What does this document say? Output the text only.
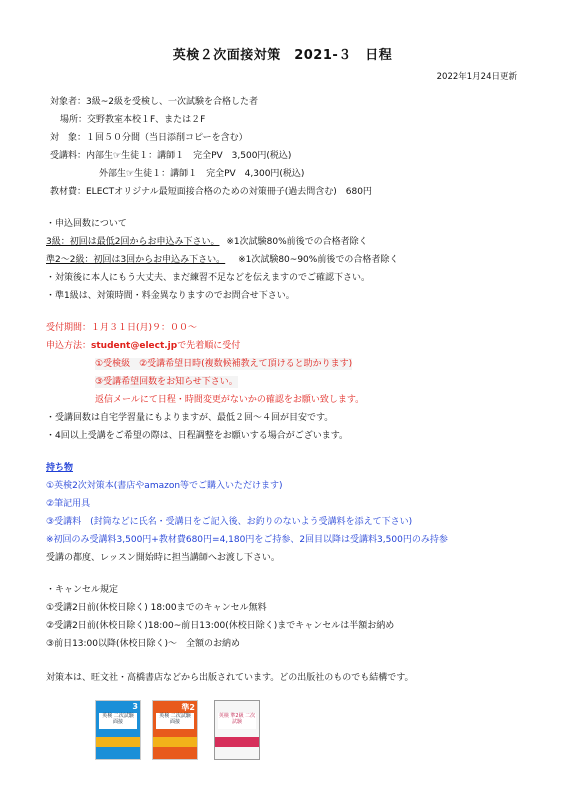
英検２次面接対策　2021-３　日程
2022年1月24日更新
対象者：3級~2級を受検し、一次試験を合格した者
場所：交野教室本校１F、または２F
対　象：１回５０分間（当日添削コピーを含む）
受講料：内部生☞生徒１：講師１　完全PV　3,500円(税込)
外部生☞生徒１：講師１　完全PV　4,300円(税込)
教材費：ELECTオリジナル最短面接合格のための対策冊子(過去問含む)　680円
・申込回数について
3級：初回は最低2回からお申込み下さい。 ※1次試験80%前後での合格者除く
準2～2級：初回は3回からお申込み下さい。 ※1次試験80~90%前後での合格者除く
・対策後に本人にもう大丈夫、まだ練習不足などを伝えますのでご確認下さい。
・準1級は、対策時間・料金異なりますのでお問合せ下さい。
受付期間：１月３１日(月)９：００～
申込方法：student@elect.jpで先着順に受付
①受検級　②受講希望日時(複数候補教えて頂けると助かります)
③受講希望回数をお知らせ下さい。
返信メールにて日程・時間変更がないかの確認をお願い致します。
・受講回数は自宅学習量にもよりますが、最低２回～４回が目安です。
・4回以上受講をご希望の際は、日程調整をお願いする場合がございます。
持ち物
①英検2次対策本(書店やamazon等でご購入いただけます)
②筆記用具
③受講料　(封筒などに氏名・受講日をご記入後、お釣りのないよう受講料を添えて下さい)
※初回のみ受講料3,500円+教材費680円=4,180円をご持参、2回目以降は受講料3,500円のみ持参
受講の都度、レッスン開始時に担当講師へお渡し下さい。
・キャンセル規定
①受講2日前(休校日除く) 18:00までのキャンセル無料
②受講2日前(休校日除く)18:00~前日13:00(休校日除く)までキャンセルは半額お納め
③前日13:00以降(休校日除く)～　全額のお納め
対策本は、旺文社・高橋書店などから出版されています。どの出版社のものでも結構です。
3
英検 二次試験 面接
準2
英検 二次試験 面接
英検 準2級 二次試験
